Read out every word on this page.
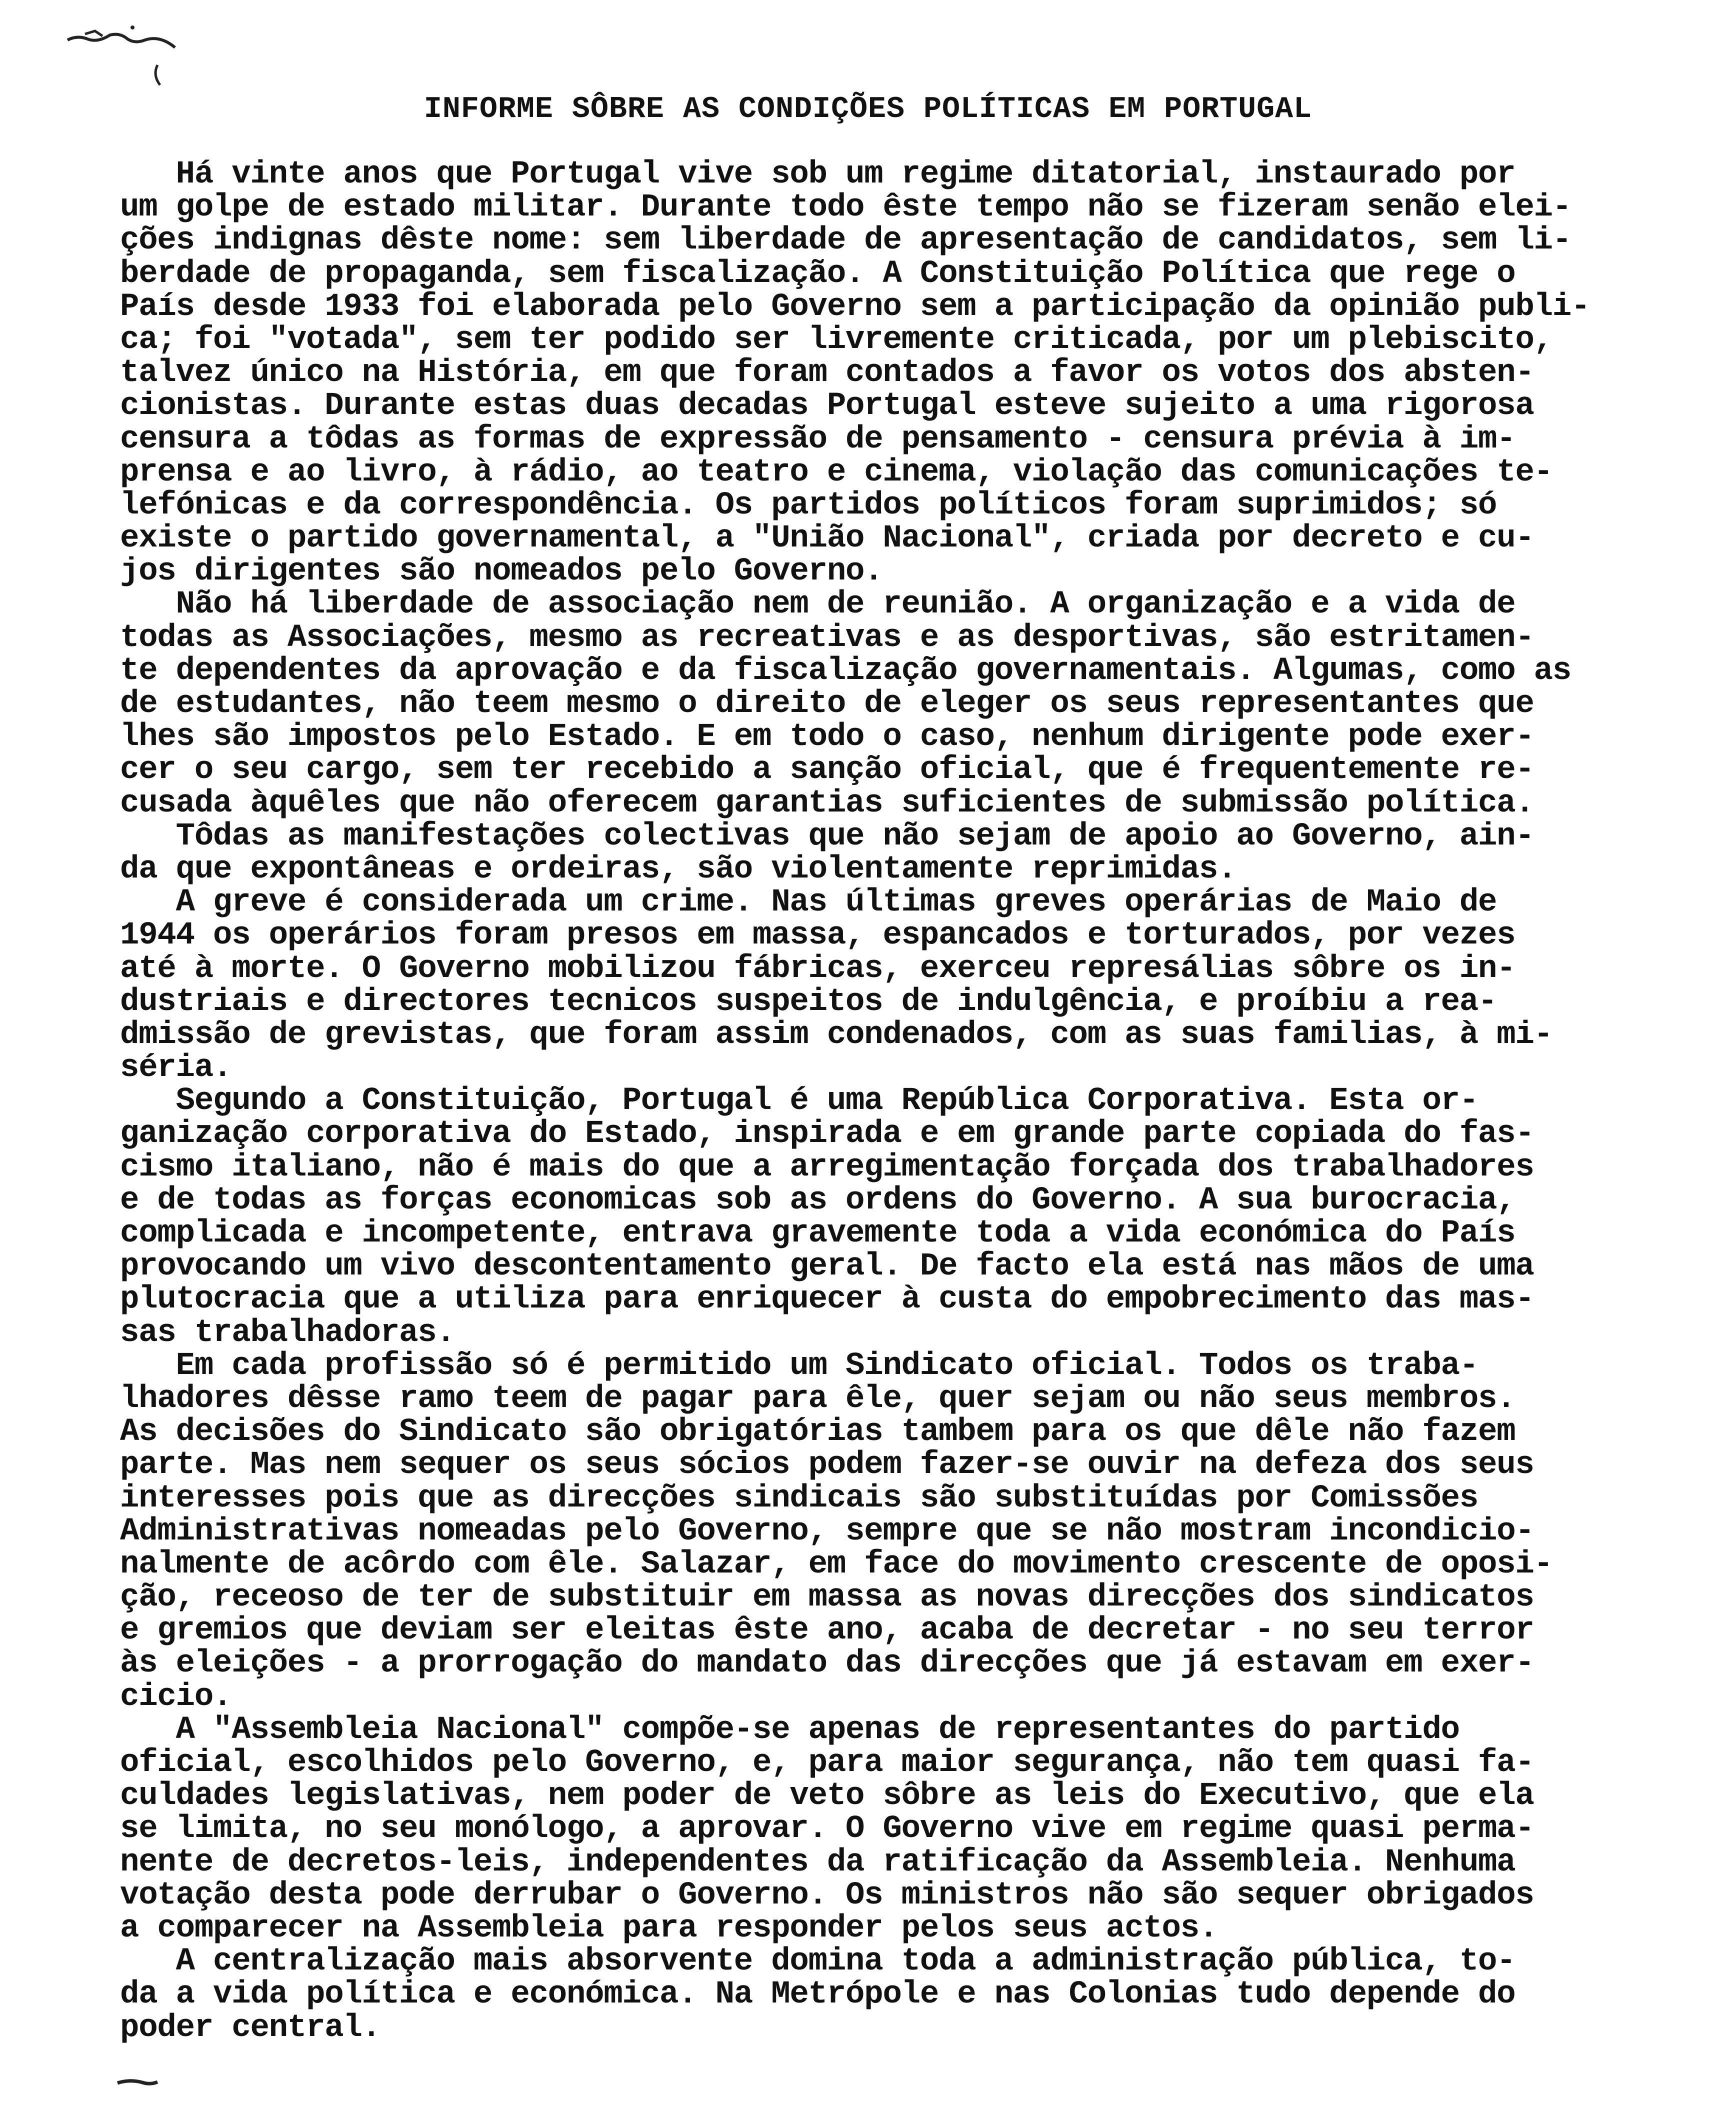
INFORME SÔBRE AS CONDIÇÕES POLÍTICAS EM PORTUGAL
Há vinte anos que Portugal vive sob um regime ditatorial, instaurado por
um golpe de estado militar. Durante todo êste tempo não se fizeram senão elei-
ções indignas dêste nome: sem liberdade de apresentação de candidatos, sem li-
berdade de propaganda, sem fiscalização. A Constituição Política que rege o
País desde 1933 foi elaborada pelo Governo sem a participação da opinião publi-
ca; foi "votada", sem ter podido ser livremente criticada, por um plebiscito,
talvez único na História, em que foram contados a favor os votos dos absten-
cionistas. Durante estas duas decadas Portugal esteve sujeito a uma rigorosa
censura a tôdas as formas de expressão de pensamento - censura prévia à im-
prensa e ao livro, à rádio, ao teatro e cinema, violação das comunicações te-
lefónicas e da correspondência. Os partidos políticos foram suprimidos; só
existe o partido governamental, a "União Nacional", criada por decreto e cu-
jos dirigentes são nomeados pelo Governo.
Não há liberdade de associação nem de reunião. A organização e a vida de
todas as Associações, mesmo as recreativas e as desportivas, são estritamen-
te dependentes da aprovação e da fiscalização governamentais. Algumas, como as
de estudantes, não teem mesmo o direito de eleger os seus representantes que
lhes são impostos pelo Estado. E em todo o caso, nenhum dirigente pode exer-
cer o seu cargo, sem ter recebido a sanção oficial, que é frequentemente re-
cusada àquêles que não oferecem garantias suficientes de submissão política.
Tôdas as manifestações colectivas que não sejam de apoio ao Governo, ain-
da que expontâneas e ordeiras, são violentamente reprimidas.
A greve é considerada um crime. Nas últimas greves operárias de Maio de
1944 os operários foram presos em massa, espancados e torturados, por vezes
até à morte. O Governo mobilizou fábricas, exerceu represálias sôbre os in-
dustriais e directores tecnicos suspeitos de indulgência, e proíbiu a rea-
dmissão de grevistas, que foram assim condenados, com as suas familias, à mi-
séria.
Segundo a Constituição, Portugal é uma República Corporativa. Esta or-
ganização corporativa do Estado, inspirada e em grande parte copiada do fas-
cismo italiano, não é mais do que a arregimentação forçada dos trabalhadores
e de todas as forças economicas sob as ordens do Governo. A sua burocracia,
complicada e incompetente, entrava gravemente toda a vida económica do País
provocando um vivo descontentamento geral. De facto ela está nas mãos de uma
plutocracia que a utiliza para enriquecer à custa do empobrecimento das mas-
sas trabalhadoras.
Em cada profissão só é permitido um Sindicato oficial. Todos os traba-
lhadores dêsse ramo teem de pagar para êle, quer sejam ou não seus membros.
As decisões do Sindicato são obrigatórias tambem para os que dêle não fazem
parte. Mas nem sequer os seus sócios podem fazer-se ouvir na defeza dos seus
interesses pois que as direcções sindicais são substituídas por Comissões
Administrativas nomeadas pelo Governo, sempre que se não mostram incondicio-
nalmente de acôrdo com êle. Salazar, em face do movimento crescente de oposi-
ção, receoso de ter de substituir em massa as novas direcções dos sindicatos
e gremios que deviam ser eleitas êste ano, acaba de decretar - no seu terror
às eleições - a prorrogação do mandato das direcções que já estavam em exer-
cicio.
A "Assembleia Nacional" compõe-se apenas de representantes do partido
oficial, escolhidos pelo Governo, e, para maior segurança, não tem quasi fa-
culdades legislativas, nem poder de veto sôbre as leis do Executivo, que ela
se limita, no seu monólogo, a aprovar. O Governo vive em regime quasi perma-
nente de decretos-leis, independentes da ratificação da Assembleia. Nenhuma
votação desta pode derrubar o Governo. Os ministros não são sequer obrigados
a comparecer na Assembleia para responder pelos seus actos.
A centralização mais absorvente domina toda a administração pública, to-
da a vida política e económica. Na Metrópole e nas Colonias tudo depende do
poder central.
